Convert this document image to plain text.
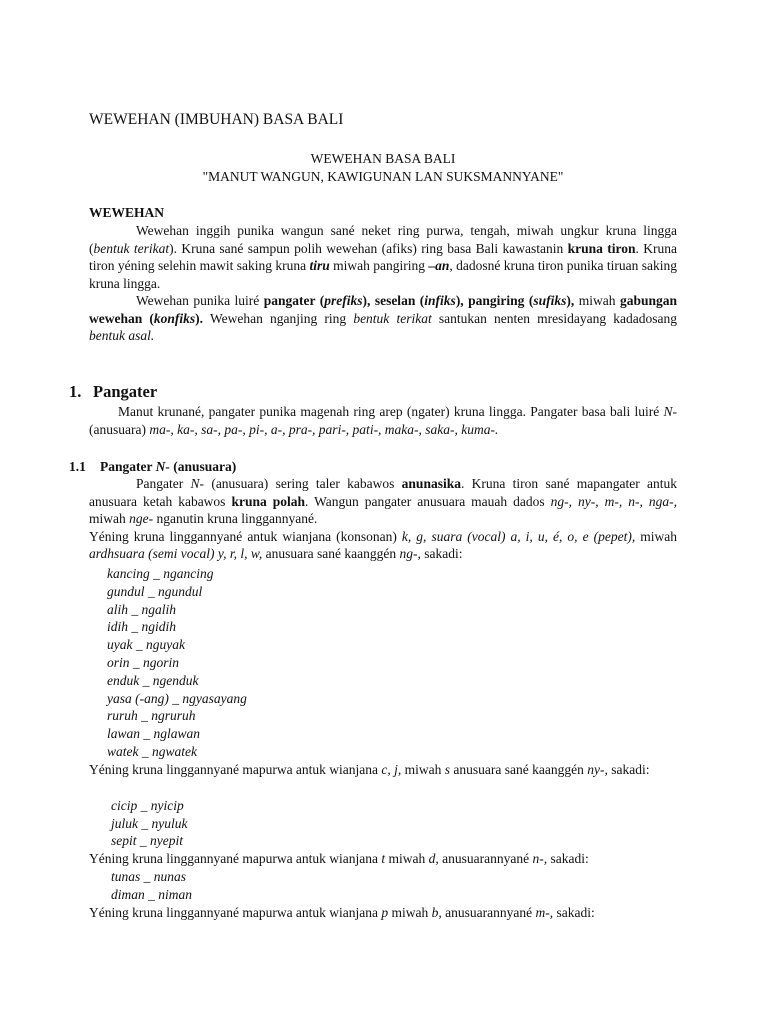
WEWEHAN (IMBUHAN) BASA BALI
WEWEHAN BASA BALI
"MANUT WANGUN, KAWIGUNAN LAN SUKSMANNYANE"
WEWEHAN

Wewehan inggih punika wangun sané neket ring purwa, tengah, miwah ungkur kruna lingga (bentuk terikat). Kruna sané sampun polih wewehan (afiks) ring basa Bali kawastanin kruna tiron. Kruna tiron yéning selehin mawit saking kruna tiru miwah pangiring –an, dadosné kruna tiron punika tiruan saking kruna lingga.

Wewehan punika luiré pangater (prefiks), seselan (infiks), pangiring (sufiks), miwah gabungan wewehan (konfiks). Wewehan nganjing ring bentuk terikat santukan nenten mresidayang kadadosang bentuk asal.

1. Pangater

Manut krunané, pangater punika magenah ring arep (ngater) kruna lingga. Pangater basa bali luiré N- (anusuara) ma-, ka-, sa-, pa-, pi-, a-, pra-, pari-, pati-, maka-, saka-, kuma-.

1.1 Pangater N- (anusuara)

Pangater N- (anusuara) sering taler kabawos anunasika. Kruna tiron sané mapangater antuk anusuara ketah kabawos kruna polah. Wangun pangater anusuara mauah dados ng-, ny-, m-, n-, nga-, miwah nge- nganutin kruna linggannyané.

Yéning kruna linggannyané antuk wianjana (konsonan) k, g, suara (vocal) a, i, u, é, o, e (pepet), miwah ardhsuara (semi vocal) y, r, l, w, anusuara sané kaanggén ng-, sakadi:

kancing _ ngancing
gundul _ ngundul
alih _ ngalih
idih _ ngidih
uyak _ nguyak
orin _ ngorin
enduk _ ngenduk
yasa (-ang) _ ngyasayang
ruruh _ ngruruh
lawan _ nglawan
watek _ ngwatek

Yéning kruna linggannyané mapurwa antuk wianjana c, j, miwah s anusuara sané kaanggén ny-, sakadi:

cicip _ nyicip
juluk _ nyuluk
sepit _ nyepit

Yéning kruna linggannyané mapurwa antuk wianjana t miwah d, anusuarannyané n-, sakadi:

tunas _ nunas
diman _ niman

Yéning kruna linggannyané mapurwa antuk wianjana p miwah b, anusuarannyané m-, sakadi:
